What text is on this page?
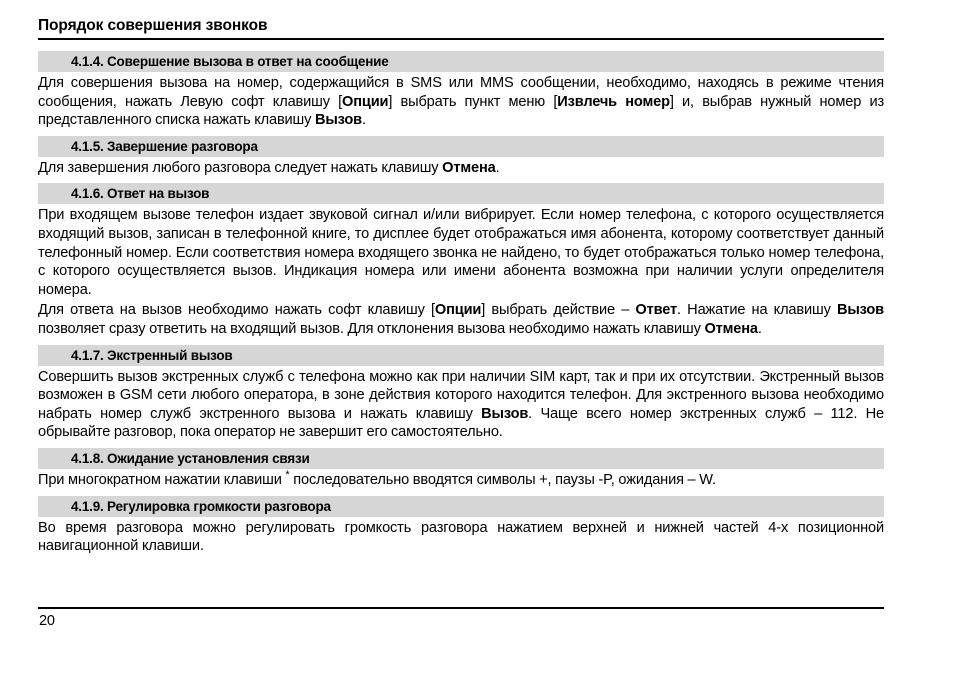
Порядок совершения звонков
4.1.4. Совершение вызова в ответ на сообщение

Для совершения вызова на номер, содержащийся в SMS или MMS сообщении, необходимо, находясь в режиме чтения сообщения, нажать Левую софт клавишу [Опции] выбрать пункт меню [Извлечь номер] и, выбрав нужный номер из представленного списка нажать клавишу Вызов.

4.1.5. Завершение разговора

Для завершения любого разговора следует нажать клавишу Отмена.

4.1.6. Ответ на вызов

При входящем вызове телефон издает звуковой сигнал и/или вибрирует. Если номер телефона, с которого осуществляется входящий вызов, записан в телефонной книге, то дисплее будет отображаться имя абонента, которому соответствует данный телефонный номер. Если соответствия номера входящего звонка не найдено, то будет отображаться только номер телефона, с которого осуществляется вызов. Индикация номера или имени абонента возможна при наличии услуги определителя номера.

Для ответа на вызов необходимо нажать софт клавишу [Опции] выбрать действие – Ответ. Нажатие на клавишу Вызов позволяет сразу ответить на входящий вызов. Для отклонения вызова необходимо нажать клавишу Отмена.

4.1.7. Экстренный вызов

Совершить вызов экстренных служб с телефона можно как при наличии SIM карт, так и при их отсутствии. Экстренный вызов возможен в GSM сети любого оператора, в зоне действия которого находится телефон. Для экстренного вызова необходимо набрать номер служб экстренного вызова и нажать клавишу Вызов. Чаще всего номер экстренных служб – 112. Не обрывайте разговор, пока оператор не завершит его самостоятельно.

4.1.8. Ожидание установления связи

При многократном нажатии клавиши * последовательно вводятся символы +, паузы -P, ожидания – W.

4.1.9. Регулировка громкости разговора

Во время разговора можно регулировать громкость разговора нажатием верхней и нижней частей 4-х позиционной навигационной клавиши.

20
